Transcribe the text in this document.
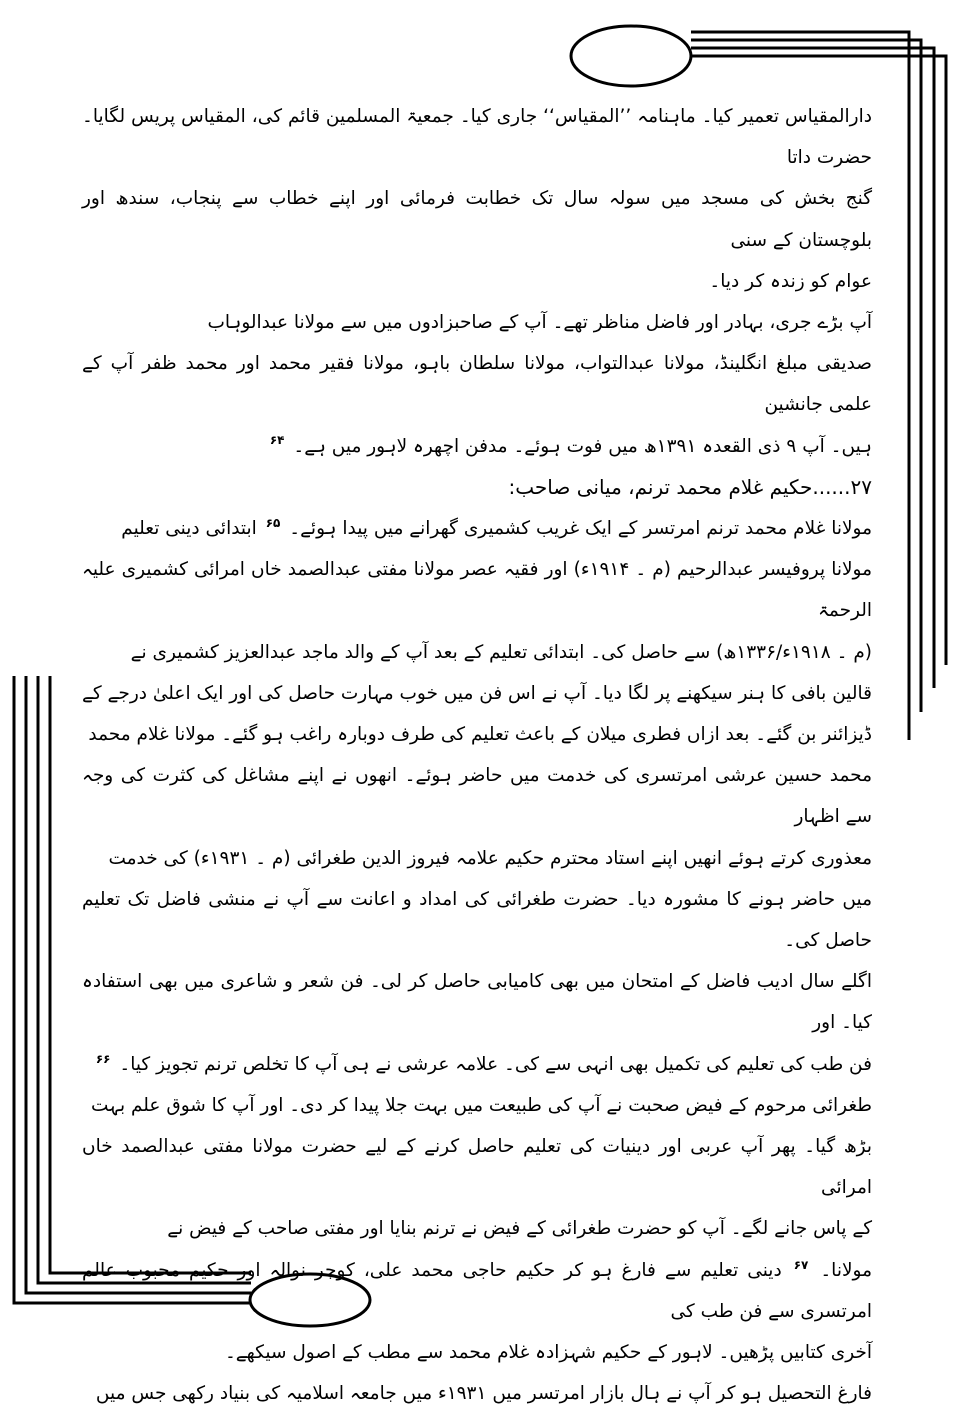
دارالمقیاس تعمیر کیا۔ ماہنامہ ’’المقیاس‘‘ جاری کیا۔ جمعیۃ المسلمین قائم کی، المقیاس پریس لگایا۔ حضرت داتا
گنج بخش کی مسجد میں سولہ سال تک خطابت فرمائی اور اپنے خطاب سے پنجاب، سندھ اور بلوچستان کے سنی
عوام کو زندہ کر دیا۔

آپ بڑے جری، بہادر اور فاضل مناظر تھے۔ آپ کے صاحبزادوں میں سے مولانا عبدالوہاب
صدیقی مبلغ انگلینڈ، مولانا عبدالتواب، مولانا سلطان باہو، مولانا فقیر محمد اور محمد ظفر آپ کے علمی جانشین
ہیں۔ آپ ۹ ذی القعدہ ۱۳۹۱ھ میں فوت ہوئے۔ مدفن اچھرہ لاہور میں ہے۔ $^{۶۴}$

۲۷......حکیم غلام محمد ترنم، میانی صاحب:

مولانا غلام محمد ترنم امرتسر کے ایک غریب کشمیری گھرانے میں پیدا ہوئے۔ $^{۶۵}$ ابتدائی دینی تعلیم
مولانا پروفیسر عبدالرحیم (م ۔ ۱۹۱۴ء) اور فقیہ عصر مولانا مفتی عبدالصمد خاں امرائی کشمیری علیہ الرحمۃ
(م ۔ ۱۹۱۸ء/۱۳۳۶ھ) سے حاصل کی۔ ابتدائی تعلیم کے بعد آپ کے والد ماجد عبدالعزیز کشمیری نے
قالین بافی کا ہنر سیکھنے پر لگا دیا۔ آپ نے اس فن میں خوب مہارت حاصل کی اور ایک اعلیٰ درجے کے
ڈیزائنر بن گئے۔ بعد ازاں فطری میلان کے باعث تعلیم کی طرف دوبارہ راغب ہو گئے۔ مولانا غلام محمد
محمد حسین عرشی امرتسری کی خدمت میں حاضر ہوئے۔ انھوں نے اپنے مشاغل کی کثرت کی وجہ سے اظہار
معذوری کرتے ہوئے انھیں اپنے استاد محترم حکیم علامہ فیروز الدین طغرائی (م ۔ ۱۹۳۱ء) کی خدمت
میں حاضر ہونے کا مشورہ دیا۔ حضرت طغرائی کی امداد و اعانت سے آپ نے منشی فاضل تک تعلیم حاصل کی۔
اگلے سال ادیب فاضل کے امتحان میں بھی کامیابی حاصل کر لی۔ فن شعر و شاعری میں بھی استفادہ کیا۔ اور
فن طب کی تعلیم کی تکمیل بھی انہی سے کی۔ علامہ عرشی نے ہی آپ کا تخلص ترنم تجویز کیا۔ $^{۶۶}$

طغرائی مرحوم کے فیض صحبت نے آپ کی طبیعت میں بہت جلا پیدا کر دی۔ اور آپ کا شوق علم بہت
بڑھ گیا۔ پھر آپ عربی اور دینیات کی تعلیم حاصل کرنے کے لیے حضرت مولانا مفتی عبدالصمد خاں امرائی
کے پاس جانے لگے۔ آپ کو حضرت طغرائی کے فیض نے ترنم بنایا اور مفتی صاحب کے فیض نے
مولانا۔ $^{۶۷}$ دینی تعلیم سے فارغ ہو کر حکیم حاجی محمد علی، کوجر نوالہ اور حکیم محبوب عالم امرتسری سے فن طب کی
آخری کتابیں پڑھیں۔ لاہور کے حکیم شہزادہ غلام محمد سے مطب کے اصول سیکھے۔

فارغ التحصیل ہو کر آپ نے ہال بازار امرتسر میں ۱۹۳۱ء میں جامعہ اسلامیہ کی بنیاد رکھی جس میں
